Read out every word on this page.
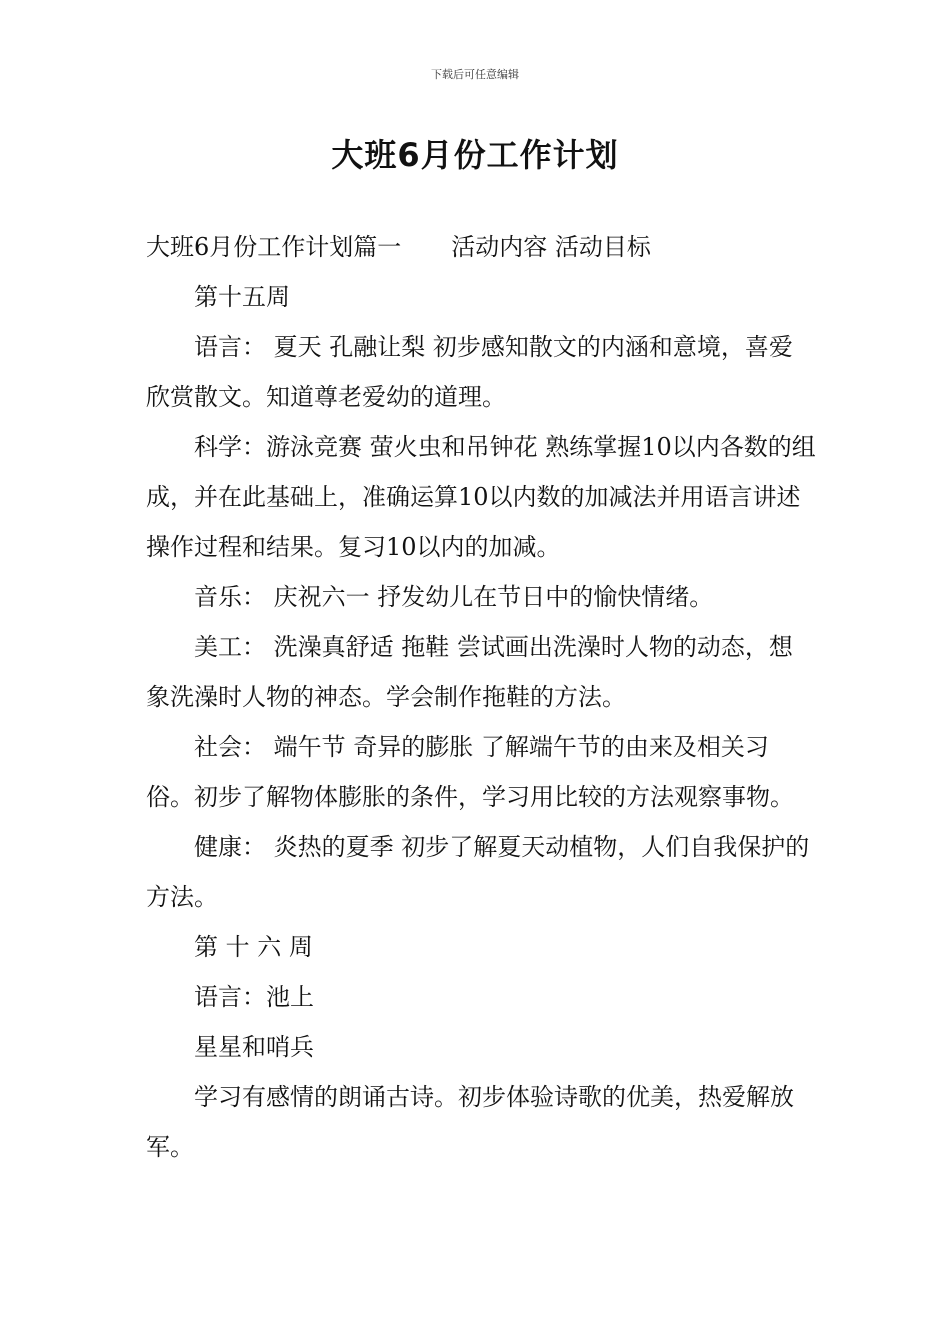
下载后可任意编辑
大班6月份工作计划

大班6月份工作计划篇一 活动内容 活动目标

第十五周

语言： 夏天 孔融让梨 初步感知散文的内涵和意境，喜爱欣赏散文。知道尊老爱幼的道理。

科学：游泳竞赛 萤火虫和吊钟花 熟练掌握10以内各数的组成，并在此基础上，准确运算10以内数的加减法并用语言讲述操作过程和结果。复习10以内的加减。

音乐： 庆祝六一 抒发幼儿在节日中的愉快情绪。

美工： 洗澡真舒适 拖鞋 尝试画出洗澡时人物的动态，想象洗澡时人物的神态。学会制作拖鞋的方法。

社会： 端午节 奇异的膨胀 了解端午节的由来及相关习俗。初步了解物体膨胀的条件，学习用比较的方法观察事物。

健康： 炎热的夏季 初步了解夏天动植物，人们自我保护的方法。

第 十 六 周

语言：池上

星星和哨兵

学习有感情的朗诵古诗。初步体验诗歌的优美，热爱解放军。
